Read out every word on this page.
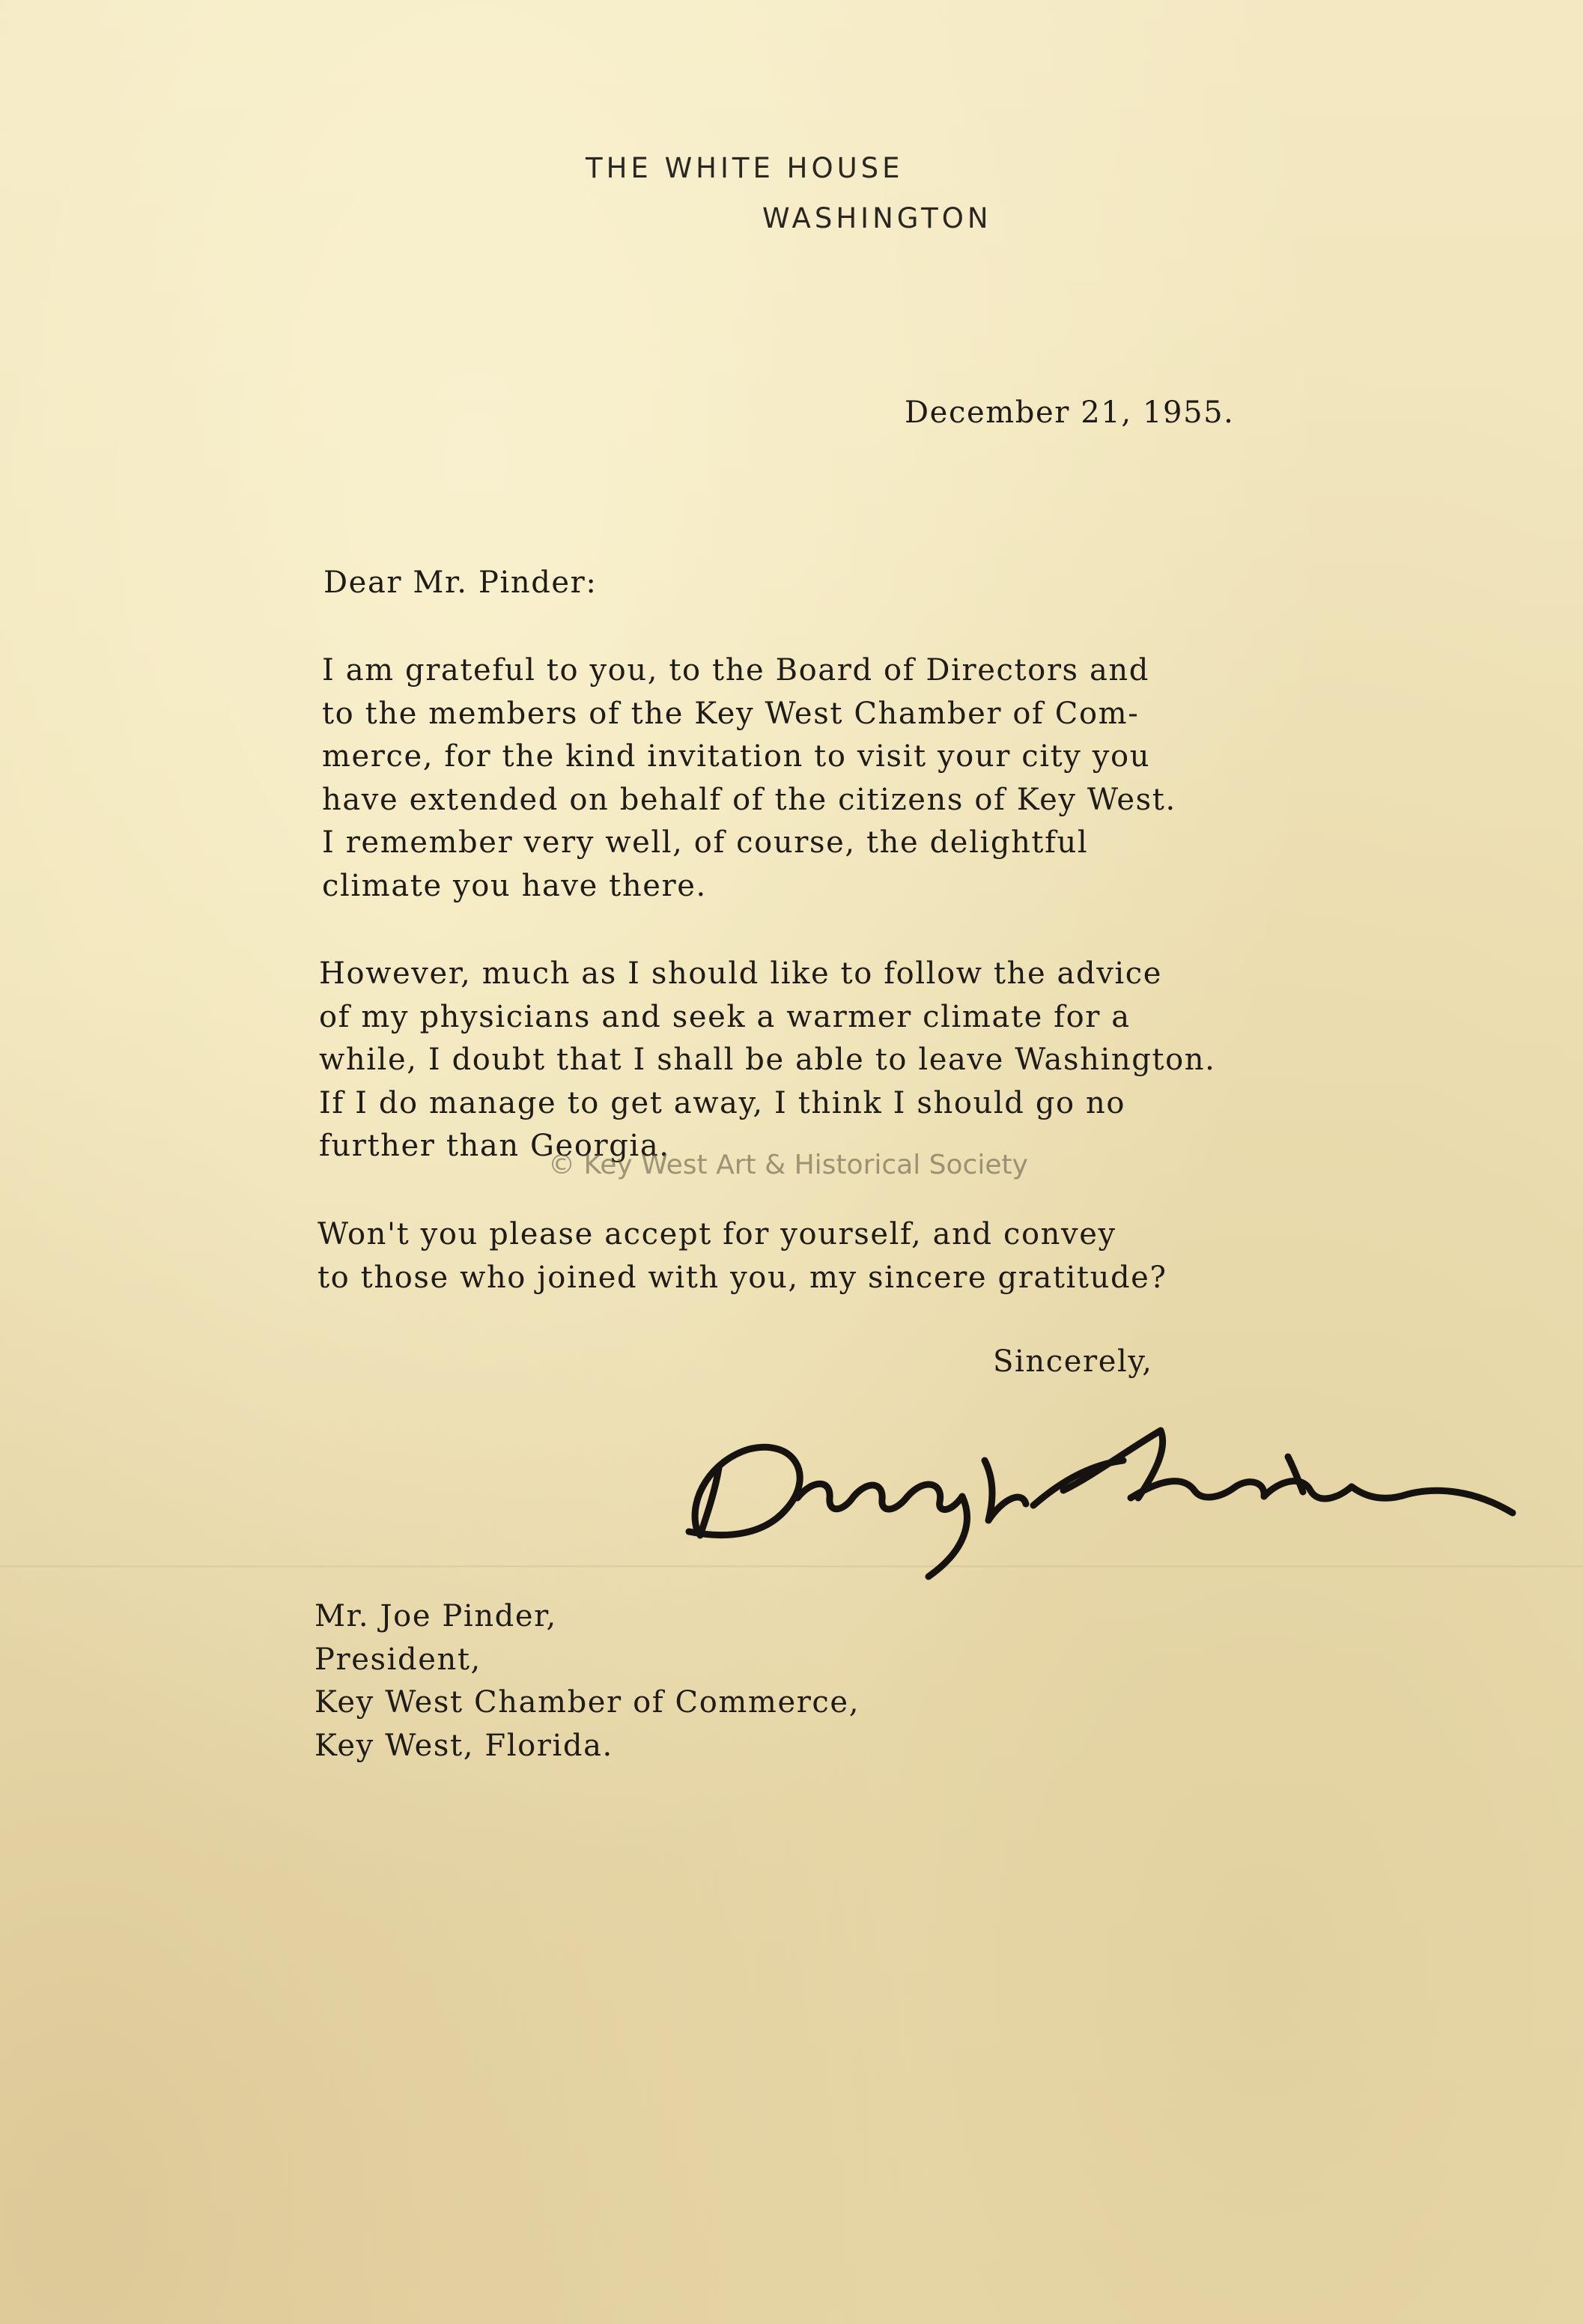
THE WHITE HOUSE
WASHINGTON
December 21, 1955.
Dear Mr. Pinder:
I am grateful to you, to the Board of Directors and
to the members of the Key West Chamber of Com-
merce, for the kind invitation to visit your city you
have extended on behalf of the citizens of Key West.
I remember very well, of course, the delightful
climate you have there.
However, much as I should like to follow the advice
of my physicians and seek a warmer climate for a
while, I doubt that I shall be able to leave Washington.
If I do manage to get away, I think I should go no
further than Georgia.
© Key West Art & Historical Society
Won't you please accept for yourself, and convey
to those who joined with you, my sincere gratitude?
Sincerely,
Mr. Joe Pinder,
President,
Key West Chamber of Commerce,
Key West, Florida.
